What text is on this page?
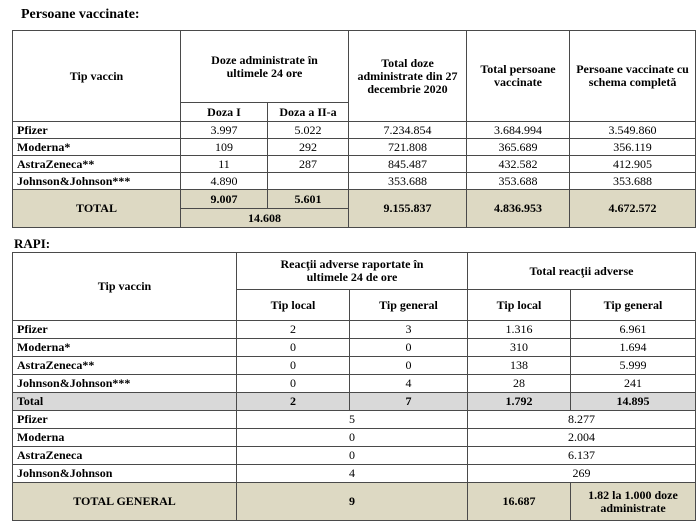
Persoane vaccinate:
Tip vaccin	Doze administrate în ultimele 24 ore		Total doze administrate din 27 decembrie 2020	Total persoane vaccinate	Persoane vaccinate cu schema completă
	Doza I	Doza a II-a			
Pfizer	3.997	5.022	7.234.854	3.684.994	3.549.860
Moderna*	109	292	721.808	365.689	356.119
AstraZeneca**	11	287	845.487	432.582	412.905
Johnson&Johnson***	4.890		353.688	353.688	353.688
TOTAL	9.007	5.601	9.155.837	4.836.953	4.672.572
	14.608				
RAPI:
Tip vaccin	Reacţii adverse raportate în ultimele 24 de ore		Total reacţii adverse	
	Tip local	Tip general	Tip local	Tip general
Pfizer	2	3	1.316	6.961
Moderna*	0	0	310	1.694
AstraZeneca**	0	0	138	5.999
Johnson&Johnson***	0	4	28	241
Total	2	7	1.792	14.895
Pfizer	5		8.277	
Moderna	0		2.004	
AstraZeneca	0		6.137	
Johnson&Johnson	4		269	
TOTAL GENERAL	9		16.687	1.82 la 1.000 doze administrate
